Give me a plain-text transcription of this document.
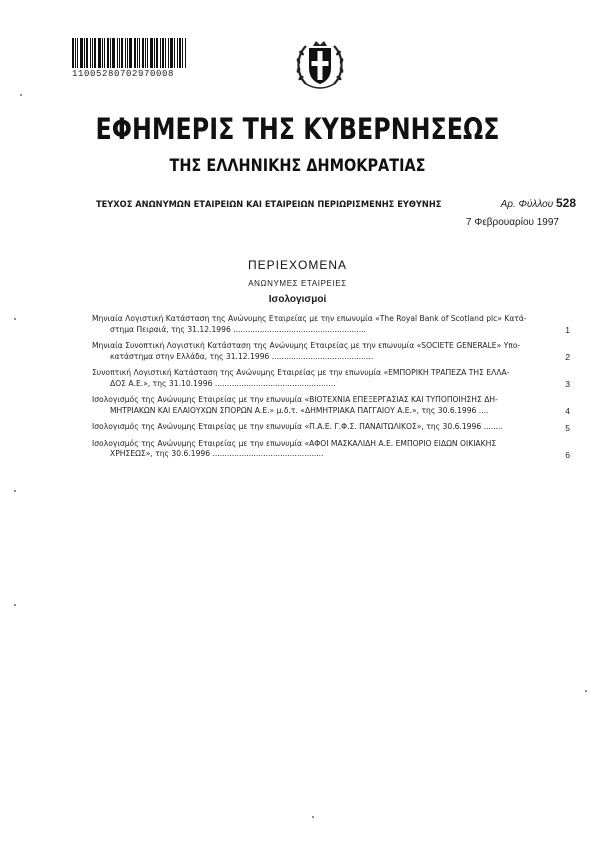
11005280702970008
ΕΦΗΜΕΡΙΣ ΤΗΣ ΚΥΒΕΡΝΗΣΕΩΣ
ΤΗΣ ΕΛΛΗΝΙΚΗΣ ΔΗΜΟΚΡΑΤΙΑΣ
ΤΕΥΧΟΣ ΑΝΩΝΥΜΩΝ ΕΤΑΙΡΕΙΩΝ ΚΑΙ ΕΤΑΙΡΕΙΩΝ ΠΕΡΙΩΡΙΣΜΕΝΗΣ ΕΥΘΥΝΗΣ	Αρ. Φύλλου 528
7 Φεβρουαρίου 1997
ΠΕΡΙΕΧΟΜΕΝΑ
ΑΝΩΝΥΜΕΣ ΕΤΑΙΡΕΙΕΣ
Ισολογισμοί
Μηνιαία Λογιστική Κατάσταση της Ανώνυμης Εταιρείας με την επωνυμία «The Royal Bank of Scotland plc» Κατά-
στημα Πειραιά, της 31.12.1996 .......................................................	1
Μηνιαία Συνοπτική Λογιστική Κατάσταση της Ανώνυμης Εταιρείας με την επωνυμία «SOCIETE GENERALE» Υπο-
κατάστημα στην Ελλάδα, της 31.12.1996 ..........................................	2
Συνοπτική Λογιστική Κατάσταση της Ανώνυμης Εταιρείας με την επωνυμία «ΕΜΠΟΡΙΚΗ ΤΡΑΠΕΖΑ ΤΗΣ ΕΛΛΑ-
ΔΟΣ Α.Ε.», της 31.10.1996 ..................................................	3
Ισολογισμός της Ανώνυμης Εταιρείας με την επωνυμία «ΒΙΟΤΕΧΝΙΑ ΕΠΕΞΕΡΓΑΣΙΑΣ ΚΑΙ ΤΥΠΟΠΟΙΗΣΗΣ ΔΗ-
ΜΗΤΡΙΑΚΩΝ ΚΑΙ ΕΛΑΙΟΥΧΩΝ ΣΠΟΡΩΝ Α.Ε.» μ.δ.τ. «ΔΗΜΗΤΡΙΑΚΑ ΠΑΓΓΑΙΟΥ Α.Ε.», της 30.6.1996 ....	4
Ισολογισμός της Ανώνυμης Εταιρείας με την επωνυμία «Π.Α.Ε. Γ.Φ.Σ. ΠΑΝΑΙΤΩΛΙΚΟΣ», της 30.6.1996 ........	5
Ισολογισμός της Ανώνυμης Εταιρείας με την επωνυμία «ΑΦΟΙ ΜΑΣΚΑΛΙΔΗ Α.Ε. ΕΜΠΟΡΙΟ ΕΙΔΩΝ ΟΙΚΙΑΚΗΣ
ΧΡΗΣΕΩΣ», της 30.6.1996 ..............................................	6
